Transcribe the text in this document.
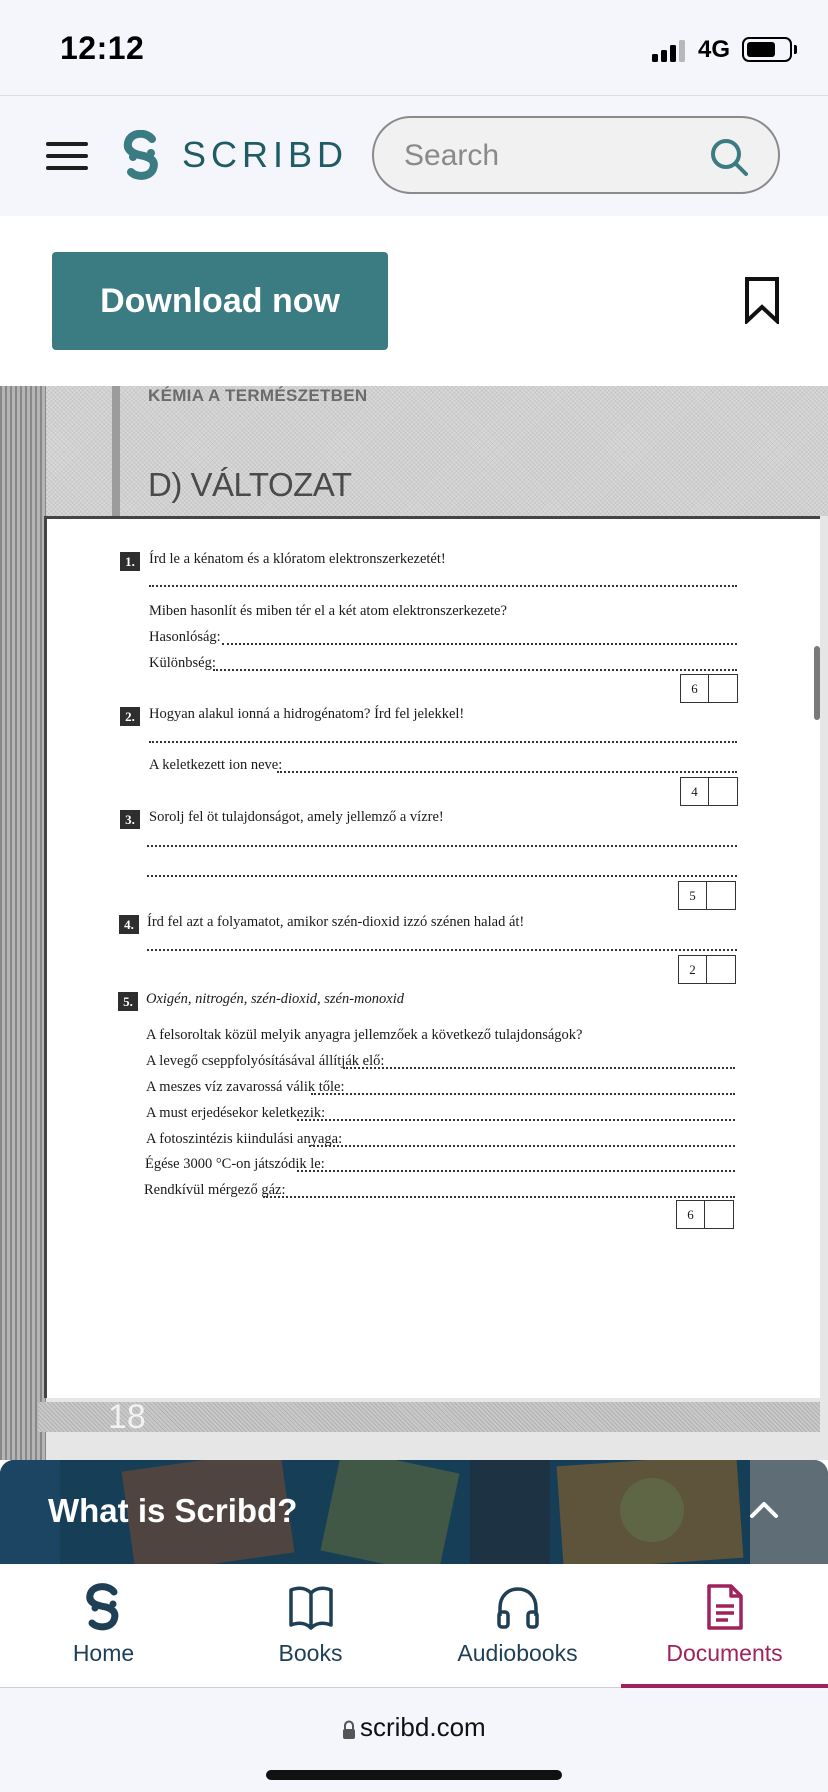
12:12	4G
SCRIBD
Search
Download now
KÉMIA A TERMÉSZETBEN
D) VÁLTOZAT
1. Írd le a kénatom és a klóratom elektronszerkezetét!
Miben hasonlít és miben tér el a két atom elektronszerkezete?
Hasonlóság:
Különbség:
6
2. Hogyan alakul ionná a hidrogénatom? Írd fel jelekkel!
A keletkezett ion neve:
4
3. Sorolj fel öt tulajdonságot, amely jellemző a vízre!
5
4. Írd fel azt a folyamatot, amikor szén-dioxid izzó szénen halad át!
2
5. Oxigén, nitrogén, szén-dioxid, szén-monoxid
A felsoroltak közül melyik anyagra jellemzőek a következő tulajdonságok?
A levegő cseppfolyósításával állítják elő:
A meszes víz zavarossá válik tőle:
A must erjedésekor keletkezik:
A fotoszintézis kiindulási anyaga:
Égése 3000 °C-on játszódik le:
Rendkívül mérgező gáz:
6
18
What is Scribd?
Home	Books	Audiobooks	Documents
scribd.com
